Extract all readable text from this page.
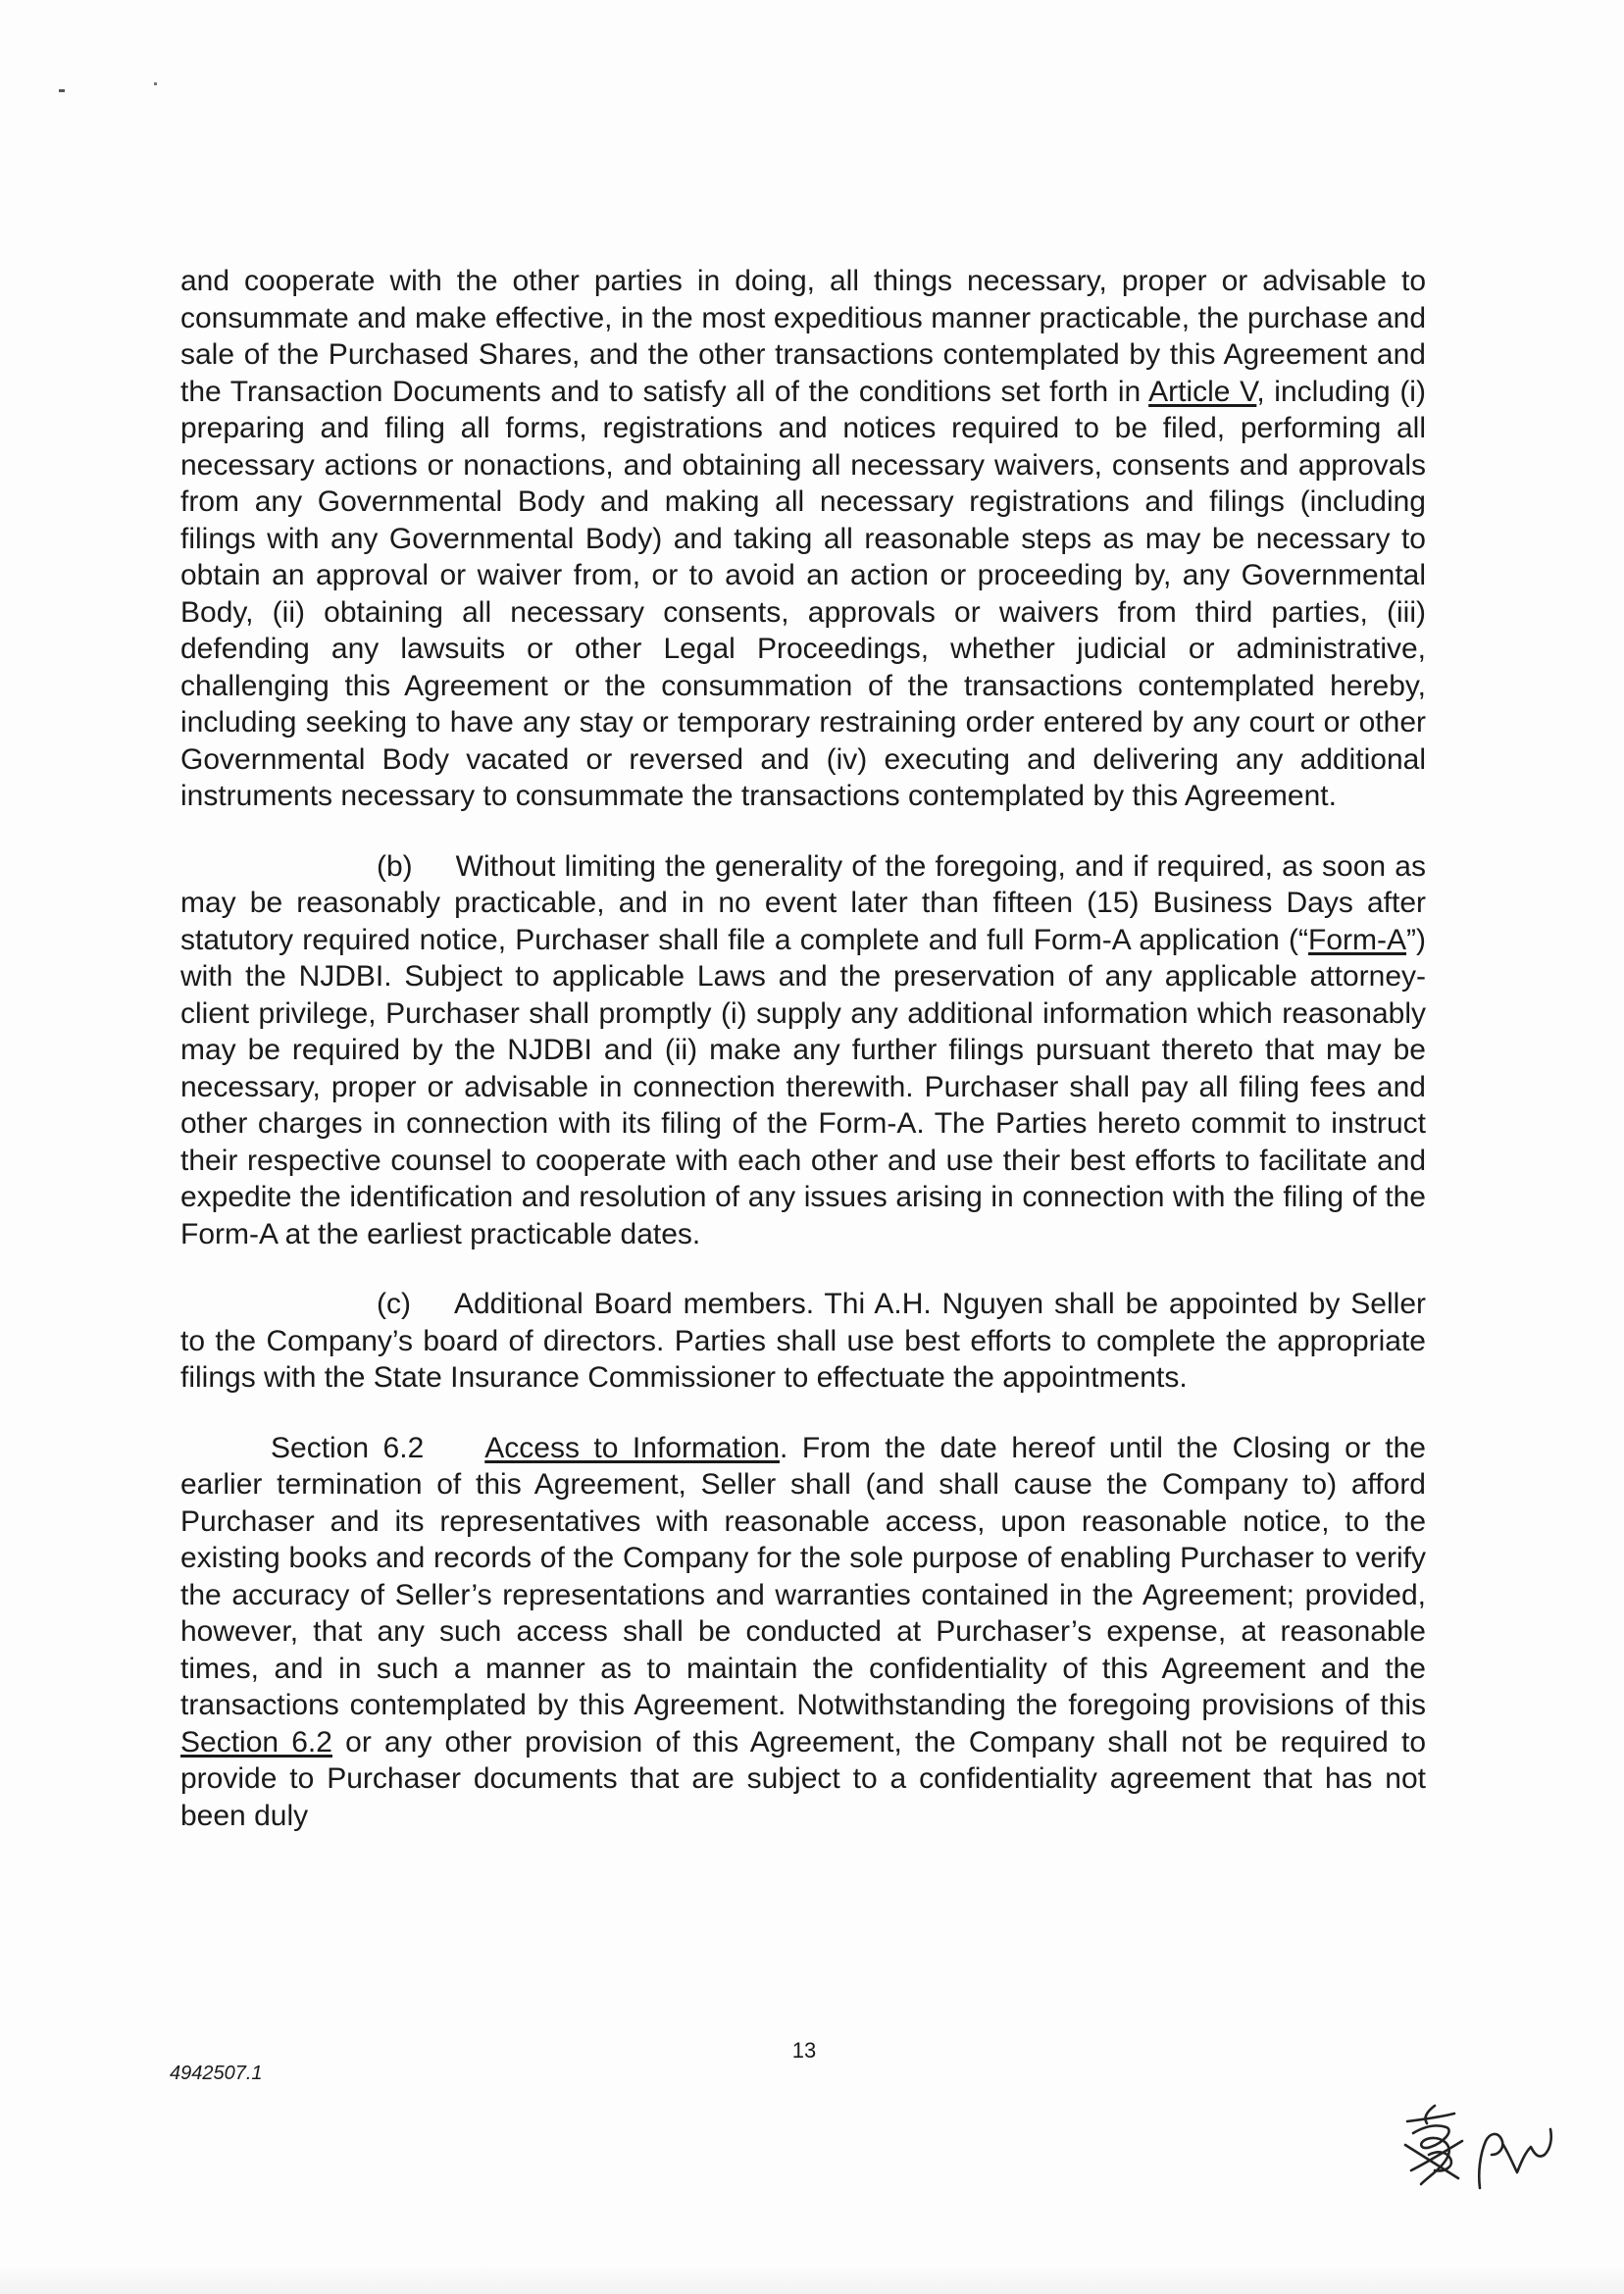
and cooperate with the other parties in doing, all things necessary, proper or advisable to consummate and make effective, in the most expeditious manner practicable, the purchase and sale of the Purchased Shares, and the other transactions contemplated by this Agreement and the Transaction Documents and to satisfy all of the conditions set forth in Article V, including (i) preparing and filing all forms, registrations and notices required to be filed, performing all necessary actions or nonactions, and obtaining all necessary waivers, consents and approvals from any Governmental Body and making all necessary registrations and filings (including filings with any Governmental Body) and taking all reasonable steps as may be necessary to obtain an approval or waiver from, or to avoid an action or proceeding by, any Governmental Body, (ii) obtaining all necessary consents, approvals or waivers from third parties, (iii) defending any lawsuits or other Legal Proceedings, whether judicial or administrative, challenging this Agreement or the consummation of the transactions contemplated hereby, including seeking to have any stay or temporary restraining order entered by any court or other Governmental Body vacated or reversed and (iv) executing and delivering any additional instruments necessary to consummate the transactions contemplated by this Agreement.

(b) Without limiting the generality of the foregoing, and if required, as soon as may be reasonably practicable, and in no event later than fifteen (15) Business Days after statutory required notice, Purchaser shall file a complete and full Form-A application (“Form-A”) with the NJDBI. Subject to applicable Laws and the preservation of any applicable attorney-client privilege, Purchaser shall promptly (i) supply any additional information which reasonably may be required by the NJDBI and (ii) make any further filings pursuant thereto that may be necessary, proper or advisable in connection therewith. Purchaser shall pay all filing fees and other charges in connection with its filing of the Form-A. The Parties hereto commit to instruct their respective counsel to cooperate with each other and use their best efforts to facilitate and expedite the identification and resolution of any issues arising in connection with the filing of the Form-A at the earliest practicable dates.

(c) Additional Board members. Thi A.H. Nguyen shall be appointed by Seller to the Company’s board of directors. Parties shall use best efforts to complete the appropriate filings with the State Insurance Commissioner to effectuate the appointments.

Section 6.2 Access to Information. From the date hereof until the Closing or the earlier termination of this Agreement, Seller shall (and shall cause the Company to) afford Purchaser and its representatives with reasonable access, upon reasonable notice, to the existing books and records of the Company for the sole purpose of enabling Purchaser to verify the accuracy of Seller’s representations and warranties contained in the Agreement; provided, however, that any such access shall be conducted at Purchaser’s expense, at reasonable times, and in such a manner as to maintain the confidentiality of this Agreement and the transactions contemplated by this Agreement. Notwithstanding the foregoing provisions of this Section 6.2 or any other provision of this Agreement, the Company shall not be required to provide to Purchaser documents that are subject to a confidentiality agreement that has not been duly

13
4942507.1
